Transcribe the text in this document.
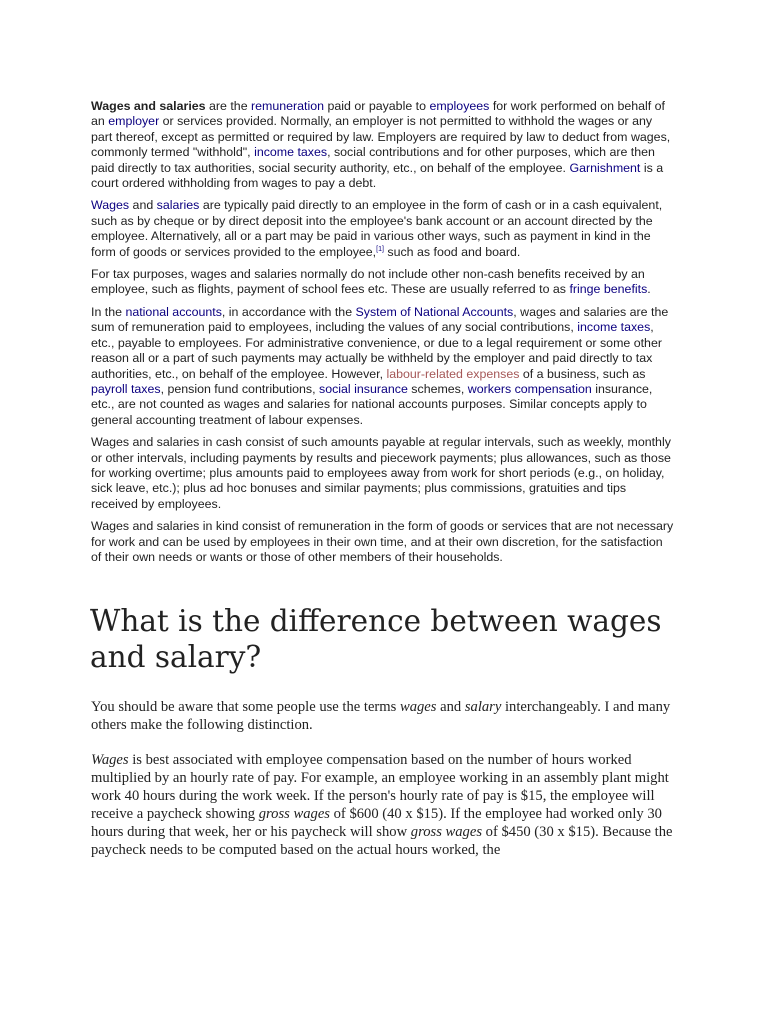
Wages and salaries are the remuneration paid or payable to employees for work performed on behalf of an employer or services provided. Normally, an employer is not permitted to withhold the wages or any part thereof, except as permitted or required by law. Employers are required by law to deduct from wages, commonly termed "withhold", income taxes, social contributions and for other purposes, which are then paid directly to tax authorities, social security authority, etc., on behalf of the employee. Garnishment is a court ordered withholding from wages to pay a debt.

Wages and salaries are typically paid directly to an employee in the form of cash or in a cash equivalent, such as by cheque or by direct deposit into the employee's bank account or an account directed by the employee. Alternatively, all or a part may be paid in various other ways, such as payment in kind in the form of goods or services provided to the employee,[1] such as food and board.

For tax purposes, wages and salaries normally do not include other non-cash benefits received by an employee, such as flights, payment of school fees etc. These are usually referred to as fringe benefits.

In the national accounts, in accordance with the System of National Accounts, wages and salaries are the sum of remuneration paid to employees, including the values of any social contributions, income taxes, etc., payable to employees. For administrative convenience, or due to a legal requirement or some other reason all or a part of such payments may actually be withheld by the employer and paid directly to tax authorities, etc., on behalf of the employee. However, labour-related expenses of a business, such as payroll taxes, pension fund contributions, social insurance schemes, workers compensation insurance, etc., are not counted as wages and salaries for national accounts purposes. Similar concepts apply to general accounting treatment of labour expenses.

Wages and salaries in cash consist of such amounts payable at regular intervals, such as weekly, monthly or other intervals, including payments by results and piecework payments; plus allowances, such as those for working overtime; plus amounts paid to employees away from work for short periods (e.g., on holiday, sick leave, etc.); plus ad hoc bonuses and similar payments; plus commissions, gratuities and tips received by employees.

Wages and salaries in kind consist of remuneration in the form of goods or services that are not necessary for work and can be used by employees in their own time, and at their own discretion, for the satisfaction of their own needs or wants or those of other members of their households.

What is the difference between wages and salary?

You should be aware that some people use the terms wages and salary interchangeably. I and many others make the following distinction.

Wages is best associated with employee compensation based on the number of hours worked multiplied by an hourly rate of pay. For example, an employee working in an assembly plant might work 40 hours during the work week. If the person's hourly rate of pay is $15, the employee will receive a paycheck showing gross wages of $600 (40 x $15). If the employee had worked only 30 hours during that week, her or his paycheck will show gross wages of $450 (30 x $15). Because the paycheck needs to be computed based on the actual hours worked, the
